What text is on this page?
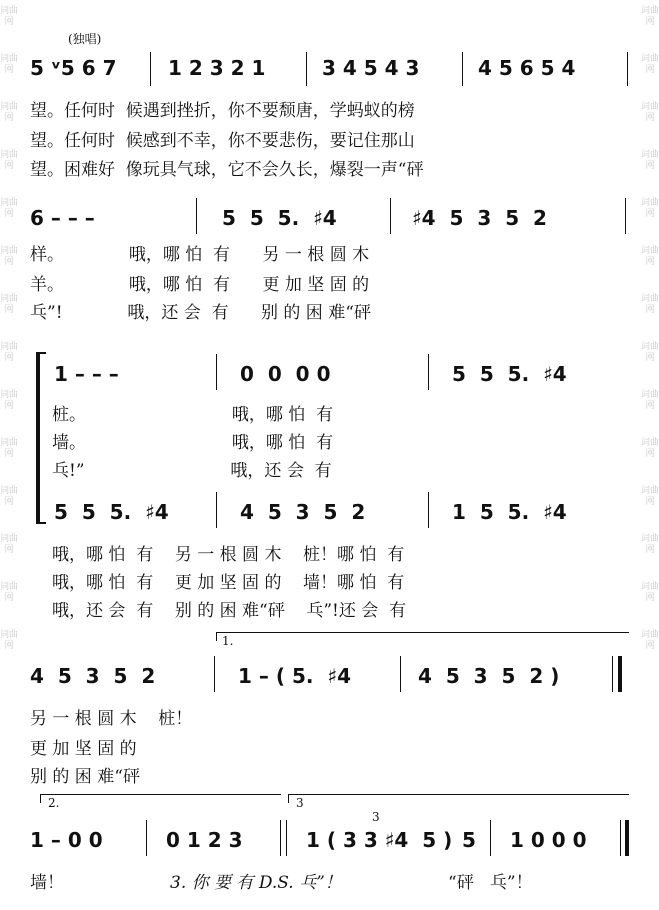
词曲网
词曲网
词曲网
词曲网
词曲网
词曲网
词曲网
词曲网
词曲网
词曲网
词曲网
词曲网
词曲网
词曲网
词曲网
词曲网
词曲网
词曲网
词曲网
词曲网
词曲网
词曲网
词曲网
词曲网
词曲网
词曲网
词曲网
词曲网
(独唱)
5 ᵛ5 6 7	1 2 3 2 1	3 4 5 4 3	4 5 6 5 4
望。任何时  候遇到挫折，你不要颓唐，学蚂蚁的榜
望。任何时  候感到不幸，你不要悲伤，要记住那山
望。困难好  像玩具气球，它不会久长，爆裂一声“砰
6 – – –	5  5  5.  ♯4	♯4  5  3  5  2
样。            哦，哪 怕  有      另 一 根 圆 木
羊。            哦，哪 怕  有      更 加 坚 固 的
乓”!            哦，还 会  有      别 的 困 难“砰
1 – – –	0  0  0 0	5  5  5.  ♯4
桩。                           哦，哪 怕  有
墙。                           哦，哪 怕  有
乓!”                           哦，还 会  有
5  5  5.  ♯4	4  5  3  5  2	1  5  5.  ♯4
哦，哪 怕  有    另 一 根 圆 木    桩！哪 怕  有
哦，哪 怕  有    更 加 坚 固 的    墙！哪 怕  有
哦，还 会  有    别 的 困 难“砰    乓”!还 会  有
1.
4  5  3  5  2	1 – ( 5.  ♯4	4  5  3  5  2 )
另 一 根 圆 木    桩！
更 加 坚 固 的
别 的 困 难“砰
2.	3
3
1 – 0 0	0 1 2 3	1 ( 3 3 ♯4  5 ) 5 1 0 0 0
墙！	3. 你 要 有 D.S. 乓”！	“砰   乓”！
